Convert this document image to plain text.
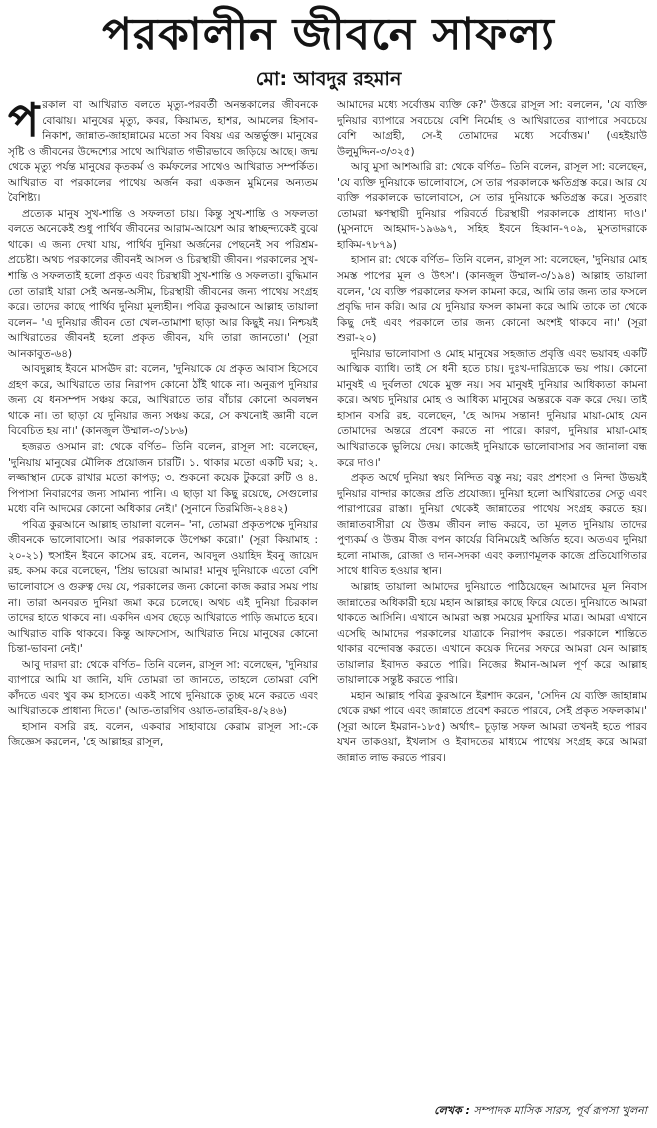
পরকালীন জীবনে সাফল্য
মো: আবদুর রহমান

পরকাল বা আখিরাত বলতে মৃত্যু-পরবর্তী অনন্তকালের জীবনকে বোঝায়। মানুষের মৃত্যু, কবর, কিয়ামত, হাশর, আমলের হিসাব-নিকাশ, জান্নাত-জাহান্নামের মতো সব বিষয় এর অন্তর্ভুক্ত। মানুষের সৃষ্টি ও জীবনের উদ্দেশ্যের সাথে আখিরাত গভীরভাবে জড়িয়ে আছে। জন্ম থেকে মৃত্যু পর্যন্ত মানুষের কৃতকর্ম ও কর্মফলের সাথেও আখিরাত সম্পর্কিত। আখিরাত বা পরকালের পাথেয় অর্জন করা একজন মুমিনের অন্যতম বৈশিষ্ট্য।

প্রত্যেক মানুষ সুখ-শান্তি ও সফলতা চায়। কিন্তু সুখ-শান্তি ও সফলতা বলতে অনেকেই শুধু পার্থিব জীবনের আরাম-আয়েশ আর স্বাচ্ছন্দ্যকেই বুঝে থাকে। এ জন্য দেখা যায়, পার্থিব দুনিয়া অর্জনের পেছনেই সব পরিশ্রম-প্রচেষ্টা। অথচ পরকালের জীবনই আসল ও চিরস্থায়ী জীবন। পরকালের সুখ-শান্তি ও সফলতাই হলো প্রকৃত এবং চিরস্থায়ী সুখ-শান্তি ও সফলতা। বুদ্ধিমান তো তারাই যারা সেই অনন্ত-অসীম, চিরস্থায়ী জীবনের জন্য পাথেয় সংগ্রহ করে। তাদের কাছে পার্থিব দুনিয়া মূল্যহীন। পবিত্র কুরআনে আল্লাহ তায়ালা বলেন– 'এ দুনিয়ার জীবন তো খেল-তামাশা ছাড়া আর কিছুই নয়। নিশ্চয়ই আখিরাতের জীবনই হলো প্রকৃত জীবন, যদি তারা জানতো।' (সূরা আনকাবুত-৬৪)

আবদুল্লাহ ইবনে মাসঊদ রা: বলেন, 'দুনিয়াকে যে প্রকৃত আবাস হিসেবে গ্রহণ করে, আখিরাতে তার নিরাপদ কোনো ঠাঁই থাকে না। অনুরূপ দুনিয়ার জন্য যে ধনসম্পদ সঞ্চয় করে, আখিরাতে তার বাঁচার কোনো অবলম্বন থাকে না। তা ছাড়া যে দুনিয়ার জন্য সঞ্চয় করে, সে কখনোই জ্ঞানী বলে বিবেচিত হয় না।' (কানজুল উম্মাল-৩/১৮৬)

হজরত ওসমান রা: থেকে বর্ণিত– তিনি বলেন, রাসূল সা: বলেছেন, 'দুনিয়ায় মানুষের মৌলিক প্রয়োজন চারটি। ১. থাকার মতো একটি ঘর; ২. লজ্জাস্থান ঢেকে রাখার মতো কাপড়; ৩. শুকনো কয়েক টুকরো রুটি ও ৪. পিপাসা নিবারণের জন্য সামান্য পানি। এ ছাড়া যা কিছু রয়েছে, সেগুলোর মধ্যে বনি আদমের কোনো অধিকার নেই।' (সুনানে তিরমিজি-২৪৪২)

পবিত্র কুরআনে আল্লাহ তায়ালা বলেন– 'না, তোমরা প্রকৃতপক্ষে দুনিয়ার জীবনকে ভালোবাসো। আর পরকালকে উপেক্ষা করো।' (সূরা কিয়ামাহ : ২০-২১) হুসাইন ইবনে কাসেম রহ. বলেন, আবদুল ওয়াহিদ ইবনু জায়েদ রহ. কসম করে বলেছেন, 'প্রিয় ভায়েরা আমার! মানুষ দুনিয়াকে এতো বেশি ভালোবাসে ও গুরুত্ব দেয় যে, পরকালের জন্য কোনো কাজ করার সময় পায় না। তারা অনবরত দুনিয়া জমা করে চলেছে। অথচ এই দুনিয়া চিরকাল তাদের হাতে থাকবে না। একদিন এসব ছেড়ে আখিরাতে পাড়ি জমাতে হবে। আখিরাত বাকি থাকবে। কিন্তু আফসোস, আখিরাত নিয়ে মানুষের কোনো চিন্তা-ভাবনা নেই।'

আবু দারদা রা: থেকে বর্ণিত– তিনি বলেন, রাসূল সা: বলেছেন, 'দুনিয়ার ব্যাপারে আমি যা জানি, যদি তোমরা তা জানতে, তাহলে তোমরা বেশি কাঁদতে এবং খুব কম হাসতে। একই সাথে দুনিয়াকে তুচ্ছ মনে করতে এবং আখিরাতকে প্রাধান্য দিতে।' (আত-তারগিব ওয়াত-তারহিব-৪/২৪৬)

হাসান বসরি রহ. বলেন, একবার সাহাবায়ে কেরাম রাসূল সা:-কে জিজ্ঞেস করলেন, 'হে আল্লাহর রাসূল,

আমাদের মধ্যে সর্বোত্তম ব্যক্তি কে?' উত্তরে রাসূল সা: বললেন, 'যে ব্যক্তি দুনিয়ার ব্যাপারে সবচেয়ে বেশি নির্মোহ ও আখিরাতের ব্যাপারে সবচেয়ে বেশি আগ্রহী, সে-ই তোমাদের মধ্যে সর্বোত্তম।' (এহইয়াউ উলুমুদ্দিন-৩/৩২৫)

আবু মুসা আশআরি রা: থেকে বর্ণিত– তিনি বলেন, রাসূল সা: বলেছেন, 'যে ব্যক্তি দুনিয়াকে ভালোবাসে, সে তার পরকালকে ক্ষতিগ্রস্ত করে। আর যে ব্যক্তি পরকালকে ভালোবাসে, সে তার দুনিয়াকে ক্ষতিগ্রস্ত করে। সুতরাং তোমরা ক্ষণস্থায়ী দুনিয়ার পরিবর্তে চিরস্থায়ী পরকালকে প্রাধান্য দাও।' (মুসনাদে আহমাদ-১৯৬৯৭, সহিহ ইবনে হিব্বান-৭০৯, মুসতাদরাকে হাকিম-৭৮৭৯)

হাসান রা: থেকে বর্ণিত– তিনি বলেন, রাসূল সা: বলেছেন, 'দুনিয়ার মোহ সমস্ত পাপের মূল ও উৎস'। (কানজুল উম্মাল-৩/১৯৪) আল্লাহ তায়ালা বলেন, 'যে ব্যক্তি পরকালের ফসল কামনা করে, আমি তার জন্য তার ফসলে প্রবৃদ্ধি দান করি। আর যে দুনিয়ার ফসল কামনা করে আমি তাকে তা থেকে কিছু দেই এবং পরকালে তার জন্য কোনো অংশই থাকবে না।' (সূরা শুরা-২০)

দুনিয়ার ভালোবাসা ও মোহ মানুষের সহজাত প্রবৃত্তি এবং ভয়াবহ একটি আত্মিক ব্যাধি। তাই সে ধনী হতে চায়। দুঃখ-দারিদ্র্যকে ভয় পায়। কোনো মানুষই এ দুর্বলতা থেকে মুক্ত নয়। সব মানুষই দুনিয়ার আধিক্যতা কামনা করে। অথচ দুনিয়ার মোহ ও আধিক্য মানুষের অন্তরকে বক্র করে দেয়। তাই হাসান বসরি রহ. বলেছেন, 'হে আদম সন্তান! দুনিয়ার মায়া-মোহ যেন তোমাদের অন্তরে প্রবেশ করতে না পারে। কারণ, দুনিয়ার মায়া-মোহ আখিরাতকে ভুলিয়ে দেয়। কাজেই দুনিয়াকে ভালোবাসার সব জানালা বন্ধ করে দাও।'

প্রকৃত অর্থে দুনিয়া স্বয়ং নিন্দিত বস্তু নয়; বরং প্রশংসা ও নিন্দা উভয়ই দুনিয়ার বান্দার কাজের প্রতি প্রযোজ্য। দুনিয়া হলো আখিরাতের সেতু এবং পারাপারের রাস্তা। দুনিয়া থেকেই জান্নাতের পাথেয় সংগ্রহ করতে হয়। জান্নাতবাসীরা যে উত্তম জীবন লাভ করবে, তা মূলত দুনিয়ায় তাদের পুণ্যকর্ম ও উত্তম বীজ বপন কার্যের বিনিময়েই অর্জিত হবে। অতএব দুনিয়া হলো নামাজ, রোজা ও দান-সদকা এবং কল্যাণমূলক কাজে প্রতিযোগিতার সাথে ধাবিত হওয়ার স্থান।

আল্লাহ তায়ালা আমাদের দুনিয়াতে পাঠিয়েছেন আমাদের মূল নিবাস জান্নাতের অধিকারী হয়ে মহান আল্লাহর কাছে ফিরে যেতে। দুনিয়াতে আমরা থাকতে আসিনি। এখানে আমরা অল্প সময়ের মুসাফির মাত্র। আমরা এখানে এসেছি আমাদের পরকালের যাত্রাকে নিরাপদ করতে। পরকালে শান্তিতে থাকার বন্দোবস্ত করতে। এখানে কয়েক দিনের সফরে আমরা যেন আল্লাহ তায়ালার ইবাদত করতে পারি। নিজের ঈমান-আমল পূর্ণ করে আল্লাহ তায়ালাকে সন্তুষ্ট করতে পারি।

মহান আল্লাহ পবিত্র কুরআনে ইরশাদ করেন, 'সেদিন যে ব্যক্তি জাহান্নাম থেকে রক্ষা পাবে এবং জান্নাতে প্রবেশ করতে পারবে, সেই প্রকৃত সফলকাম।' (সূরা আলে ইমরান-১৮৫) অর্থাৎ– চূড়ান্ত সফল আমরা তখনই হতে পারব যখন তাকওয়া, ইখলাস ও ইবাদতের মাধ্যমে পাথেয় সংগ্রহ করে আমরা জান্নাত লাভ করতে পারব।

লেখক : সম্পাদক মাসিক সারস, পূর্ব রূপসা খুলনা
